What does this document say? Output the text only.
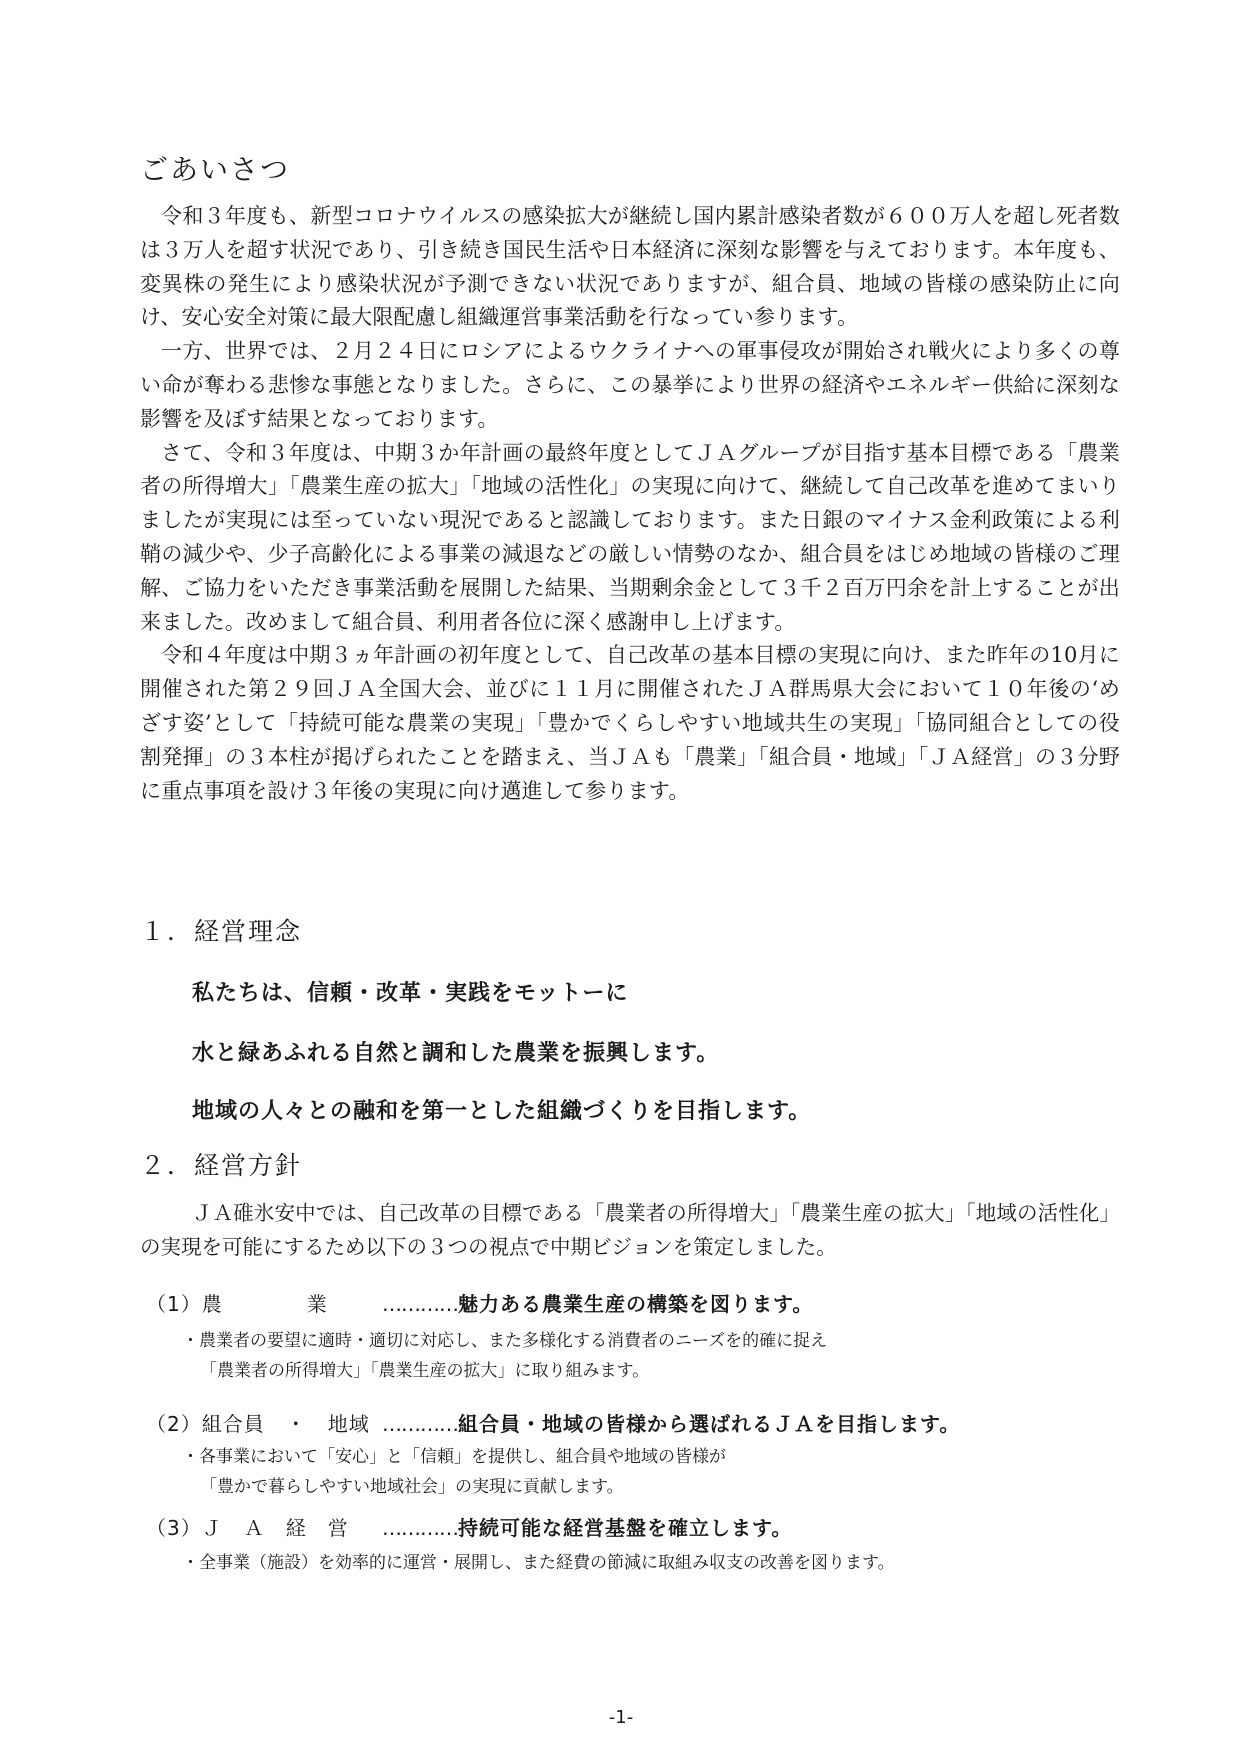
ごあいさつ

令和３年度も、新型コロナウイルスの感染拡大が継続し国内累計感染者数が６００万人を超し死者数は３万人を超す状況であり、引き続き国民生活や日本経済に深刻な影響を与えております。本年度も、変異株の発生により感染状況が予測できない状況でありますが、組合員、地域の皆様の感染防止に向け、安心安全対策に最大限配慮し組織運営事業活動を行なってい参ります。

一方、世界では、２月２４日にロシアによるウクライナへの軍事侵攻が開始され戦火により多くの尊い命が奪わる悲惨な事態となりました。さらに、この暴挙により世界の経済やエネルギー供給に深刻な影響を及ぼす結果となっております。

さて、令和３年度は、中期３か年計画の最終年度としてＪＡグループが目指す基本目標である「農業者の所得増大」「農業生産の拡大」「地域の活性化」の実現に向けて、継続して自己改革を進めてまいりましたが実現には至っていない現況であると認識しております。また日銀のマイナス金利政策による利鞘の減少や、少子高齢化による事業の減退などの厳しい情勢のなか、組合員をはじめ地域の皆様のご理解、ご協力をいただき事業活動を展開した結果、当期剰余金として３千２百万円余を計上することが出来ました。改めまして組合員、利用者各位に深く感謝申し上げます。

令和４年度は中期３ヵ年計画の初年度として、自己改革の基本目標の実現に向け、また昨年の10月に開催された第２９回ＪＡ全国大会、並びに１１月に開催されたＪＡ群馬県大会において１０年後の‘めざす姿’として「持続可能な農業の実現」「豊かでくらしやすい地域共生の実現」「協同組合としての役割発揮」の３本柱が掲げられたことを踏まえ、当ＪＡも「農業」「組合員・地域」「ＪＡ経営」の３分野に重点事項を設け３年後の実現に向け邁進して参ります。

１．経営理念
私たちは、信頼・改革・実践をモットーに
水と緑あふれる自然と調和した農業を振興します。
地域の人々との融和を第一とした組織づくりを目指します。
２．経営方針

ＪＡ碓氷安中では、自己改革の目標である「農業者の所得増大」「農業生産の拡大」「地域の活性化」の実現を可能にするため以下の３つの視点で中期ビジョンを策定しました。

（1）農　　　　業	…………魅力ある農業生産の構築を図ります。
・農業者の要望に適時・適切に対応し、また多様化する消費者のニーズを的確に捉え
「農業者の所得増大」「農業生産の拡大」に取り組みます。
（2）組合員　・　地域 …………組合員・地域の皆様から選ばれるＪＡを目指します。
・各事業において「安心」と「信頼」を提供し、組合員や地域の皆様が
「豊かで暮らしやすい地域社会」の実現に貢献します。
（3）Ｊ　Ａ　経　営 …………持続可能な経営基盤を確立します。
・全事業（施設）を効率的に運営・展開し、また経費の節減に取組み収支の改善を図ります。
-1-
